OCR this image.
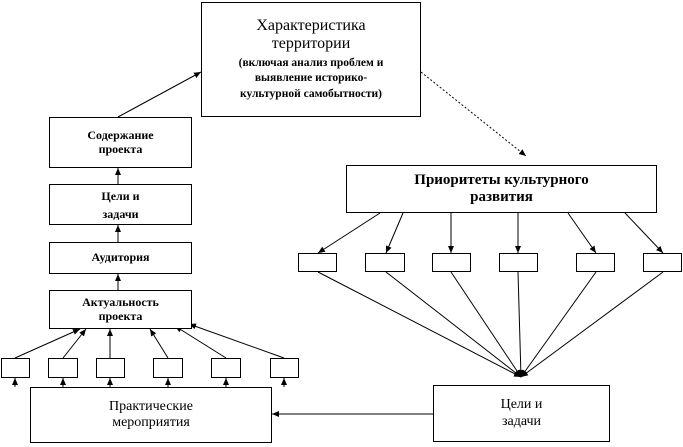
Характеристика
территории
(включая анализ проблем и
выявление историко-
культурной самобытности)
Содержание
проекта
Цели и
задачи
Аудитория
Актуальность
проекта
Практические
мероприятия
Приоритеты культурного
развития
Цели и
задачи
